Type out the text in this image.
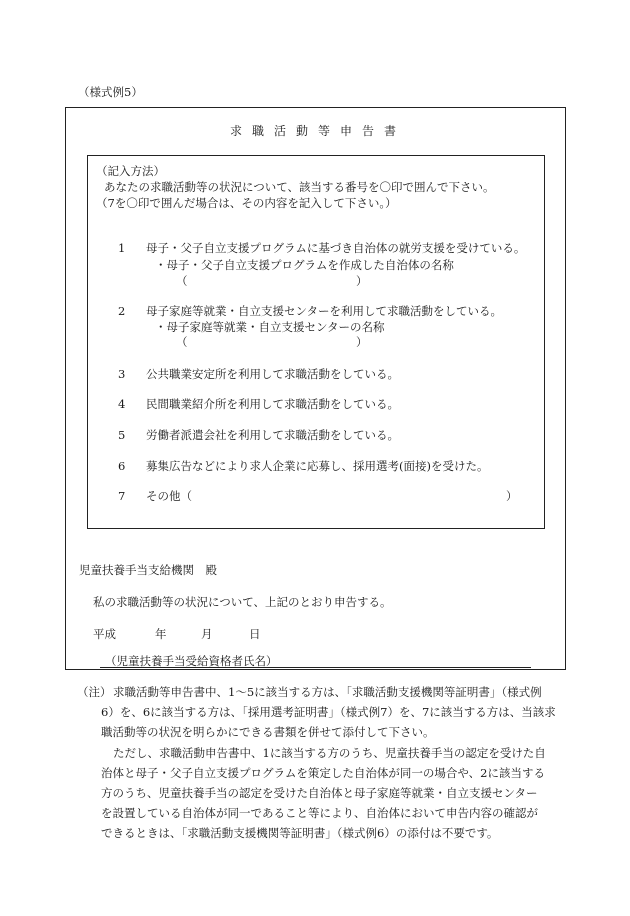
（様式例5）
求職活動等申告書
（記入方法）
あなたの求職活動等の状況について、該当する番号を〇印で囲んで下さい。
（7を〇印で囲んだ場合は、その内容を記入して下さい。）
1 母子・父子自立支援プログラムに基づき自治体の就労支援を受けている。
・母子・父子自立支援プログラムを作成した自治体の名称
（	）
2 母子家庭等就業・自立支援センターを利用して求職活動をしている。
・母子家庭等就業・自立支援センターの名称
（	）
3 公共職業安定所を利用して求職活動をしている。
4 民間職業紹介所を利用して求職活動をしている。
5 労働者派遣会社を利用して求職活動をしている。
6 募集広告などにより求人企業に応募し、採用選考(面接)を受けた。
7 その他（	）
児童扶養手当支給機関　殿
私の求職活動等の状況について、上記のとおり申告する。
平成	年	月	日
（児童扶養手当受給資格者氏名）
（注） 求職活動等申告書中、1〜5に該当する方は、「求職活動支援機関等証明書」（様式例
6）を、6に該当する方は、「採用選考証明書」（様式例7）を、7に該当する方は、当該求
職活動等の状況を明らかにできる書類を併せて添付して下さい。
ただし、求職活動申告書中、1に該当する方のうち、児童扶養手当の認定を受けた自
治体と母子・父子自立支援プログラムを策定した自治体が同一の場合や、2に該当する
方のうち、児童扶養手当の認定を受けた自治体と母子家庭等就業・自立支援センター
を設置している自治体が同一であること等により、自治体において申告内容の確認が
できるときは、「求職活動支援機関等証明書」（様式例6）の添付は不要です。
